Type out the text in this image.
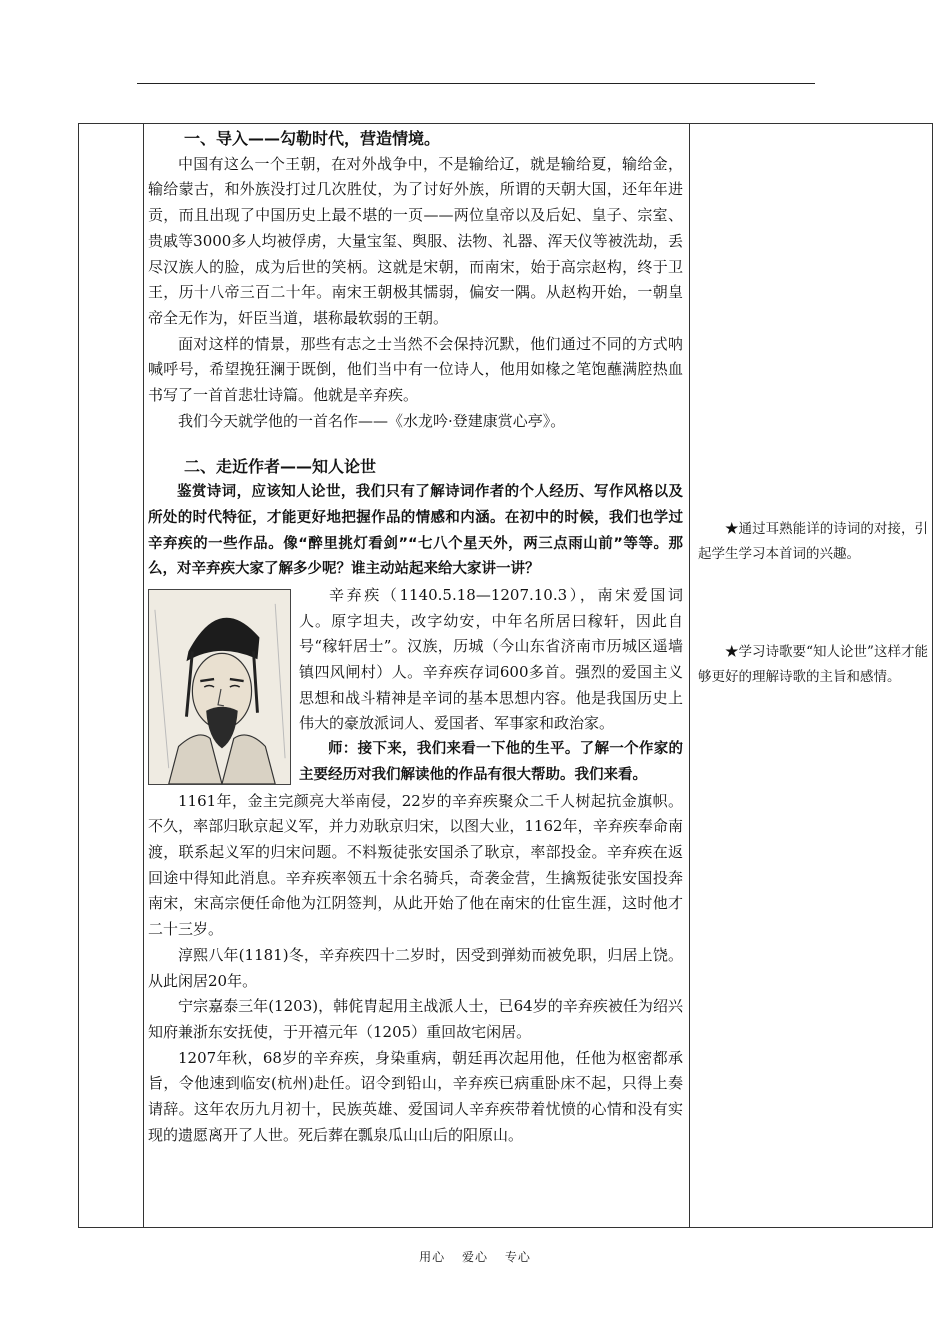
一、导入——勾勒时代，营造情境。

中国有这么一个王朝，在对外战争中，不是输给辽，就是输给夏，输给金，输给蒙古，和外族没打过几次胜仗，为了讨好外族，所谓的天朝大国，还年年进贡，而且出现了中国历史上最不堪的一页——两位皇帝以及后妃、皇子、宗室、贵戚等3000多人均被俘虏，大量宝玺、舆服、法物、礼器、浑天仪等被洗劫，丢尽汉族人的脸，成为后世的笑柄。这就是宋朝，而南宋，始于高宗赵构，终于卫王，历十八帝三百二十年。南宋王朝极其懦弱，偏安一隅。从赵构开始，一朝皇帝全无作为，奸臣当道，堪称最软弱的王朝。

面对这样的情景，那些有志之士当然不会保持沉默，他们通过不同的方式呐喊呼号，希望挽狂澜于既倒，他们当中有一位诗人，他用如椽之笔饱蘸满腔热血书写了一首首悲壮诗篇。他就是辛弃疾。

我们今天就学他的一首名作——《水龙吟·登建康赏心亭》。

二、走近作者——知人论世

鉴赏诗词，应该知人论世，我们只有了解诗词作者的个人经历、写作风格以及所处的时代特征，才能更好地把握作品的情感和内涵。在初中的时候，我们也学过辛弃疾的一些作品。像“醉里挑灯看剑”“七八个星天外，两三点雨山前”等等。那么，对辛弃疾大家了解多少呢？谁主动站起来给大家讲一讲？

辛弃疾（1140.5.18—1207.10.3），南宋爱国词人。原字坦夫，改字幼安，中年名所居曰稼轩，因此自号“稼轩居士”。汉族，历城（今山东省济南市历城区遥墙镇四风闸村）人。辛弃疾存词600多首。强烈的爱国主义思想和战斗精神是辛词的基本思想内容。他是我国历史上伟大的豪放派词人、爱国者、军事家和政治家。

师：接下来，我们来看一下他的生平。了解一个作家的主要经历对我们解读他的作品有很大帮助。我们来看。

1161年，金主完颜亮大举南侵，22岁的辛弃疾聚众二千人树起抗金旗帜。不久，率部归耿京起义军，并力劝耿京归宋，以图大业，1162年，辛弃疾奉命南渡，联系起义军的归宋问题。不料叛徒张安国杀了耿京，率部投金。辛弃疾在返回途中得知此消息。辛弃疾率领五十余名骑兵，奇袭金营，生擒叛徒张安国投奔南宋，宋高宗便任命他为江阴签判，从此开始了他在南宋的仕宦生涯，这时他才二十三岁。

淳熙八年(1181)冬，辛弃疾四十二岁时，因受到弹劾而被免职，归居上饶。从此闲居20年。

宁宗嘉泰三年(1203)，韩侂胄起用主战派人士，已64岁的辛弃疾被任为绍兴知府兼浙东安抚使，于开禧元年（1205）重回故宅闲居。

1207年秋，68岁的辛弃疾，身染重病，朝廷再次起用他，任他为枢密都承旨，令他速到临安(杭州)赴任。诏令到铅山，辛弃疾已病重卧床不起，只得上奏请辞。这年农历九月初十，民族英雄、爱国词人辛弃疾带着忧愤的心情和没有实现的遗愿离开了人世。死后葬在瓢泉瓜山山后的阳原山。

★通过耳熟能详的诗词的对接，引起学生学习本首词的兴趣。
★学习诗歌要“知人论世”这样才能够更好的理解诗歌的主旨和感情。
用心 爱心 专心
